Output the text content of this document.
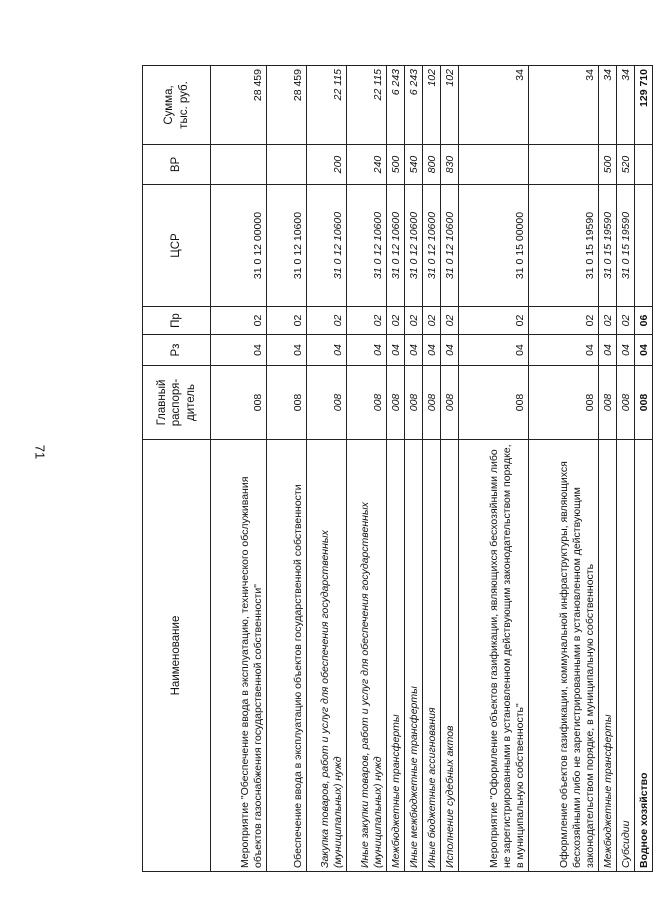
71
Наименование	Главный распоря- дитель	Рз	Пр	ЦСР	ВР	Сумма, тыс. руб.

Мероприятие "Обеспечение ввода в эксплуатацию, технического обслуживания объектов газоснабжения государственной собственности"	008	04	02	31 0 12 00000		28 459
Обеспечение ввода в эксплуатацию объектов государственной собственности	008	04	02	31 0 12 10600		28 459
Закупка товаров, работ и услуг для обеспечения государственных (муниципальных) нужд	008	04	02	31 0 12 10600	200	22 115
Иные закупки товаров, работ и услуг для обеспечения государственных (муниципальных) нужд	008	04	02	31 0 12 10600	240	22 115
Межбюджетные трансферты	008	04	02	31 0 12 10600	500	6 243
Иные межбюджетные трансферты	008	04	02	31 0 12 10600	540	6 243
Иные бюджетные ассигнования	008	04	02	31 0 12 10600	800	102
Исполнение судебных актов	008	04	02	31 0 12 10600	830	102
Мероприятие "Оформление объектов газификации, являющихся бесхозяйными либо не зарегистрированными в установленном действующим законодательством порядке, в муниципальную собственность"	008	04	02	31 0 15 00000		34
Оформление объектов газификации, коммунальной инфраструктуры, являющихся бесхозяйными либо не зарегистрированными в установленном действующим законодательством порядке, в муниципальную собственность	008	04	02	31 0 15 19590		34
Межбюджетные трансферты	008	04	02	31 0 15 19590	500	34
Субсидии	008	04	02	31 0 15 19590	520	34
Водное хозяйство	008	04	06			129 710
